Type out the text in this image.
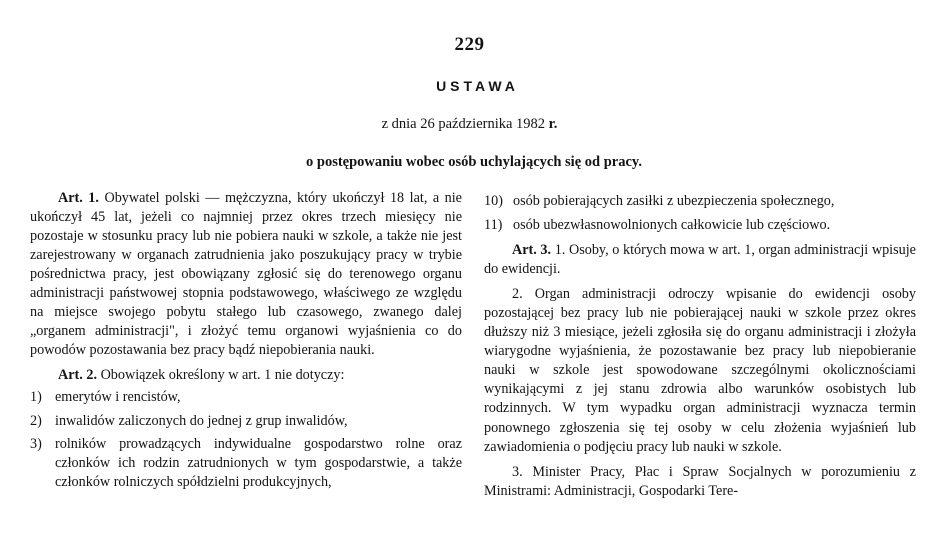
229
USTAWA
z dnia 26 października 1982 r.
o postępowaniu wobec osób uchylających się od pracy.

Art. 1. Obywatel polski — mężczyzna, który ukończył 18 lat, a nie ukończył 45 lat, jeżeli co najmniej przez okres trzech miesięcy nie pozostaje w stosunku pracy lub nie pobiera nauki w szkole, a także nie jest zarejestrowany w organach zatrudnienia jako poszukujący pracy w trybie pośrednictwa pracy, jest obowiązany zgłosić się do terenowego organu administracji państwowej stopnia podstawowego, właściwego ze względu na miejsce swojego pobytu stałego lub czasowego, zwanego dalej „organem administracji", i złożyć temu organowi wyjaśnienia co do powodów pozostawania bez pracy bądź niepobierania nauki.

Art. 2. Obowiązek określony w art. 1 nie dotyczy:

1) emerytów i rencistów,
2) inwalidów zaliczonych do jednej z grup inwalidów,
3) rolników prowadzących indywidualne gospodarstwo rolne oraz członków ich rodzin zatrudnionych w tym gospodarstwie, a także członków rolniczych spółdzielni produkcyjnych,
10) osób pobierających zasiłki z ubezpieczenia społecznego,
11) osób ubezwłasnowolnionych całkowicie lub częściowo.

Art. 3. 1. Osoby, o których mowa w art. 1, organ administracji wpisuje do ewidencji.

2. Organ administracji odroczy wpisanie do ewidencji osoby pozostającej bez pracy lub nie pobierającej nauki w szkole przez okres dłuższy niż 3 miesiące, jeżeli zgłosiła się do organu administracji i złożyła wiarygodne wyjaśnienia, że pozostawanie bez pracy lub niepobieranie nauki w szkole jest spowodowane szczególnymi okolicznościami wynikającymi z jej stanu zdrowia albo warunków osobistych lub rodzinnych. W tym wypadku organ administracji wyznacza termin ponownego zgłoszenia się tej osoby w celu złożenia wyjaśnień lub zawiadomienia o podjęciu pracy lub nauki w szkole.

3. Minister Pracy, Płac i Spraw Socjalnych w porozumieniu z Ministrami: Administracji, Gospodarki Tere-
